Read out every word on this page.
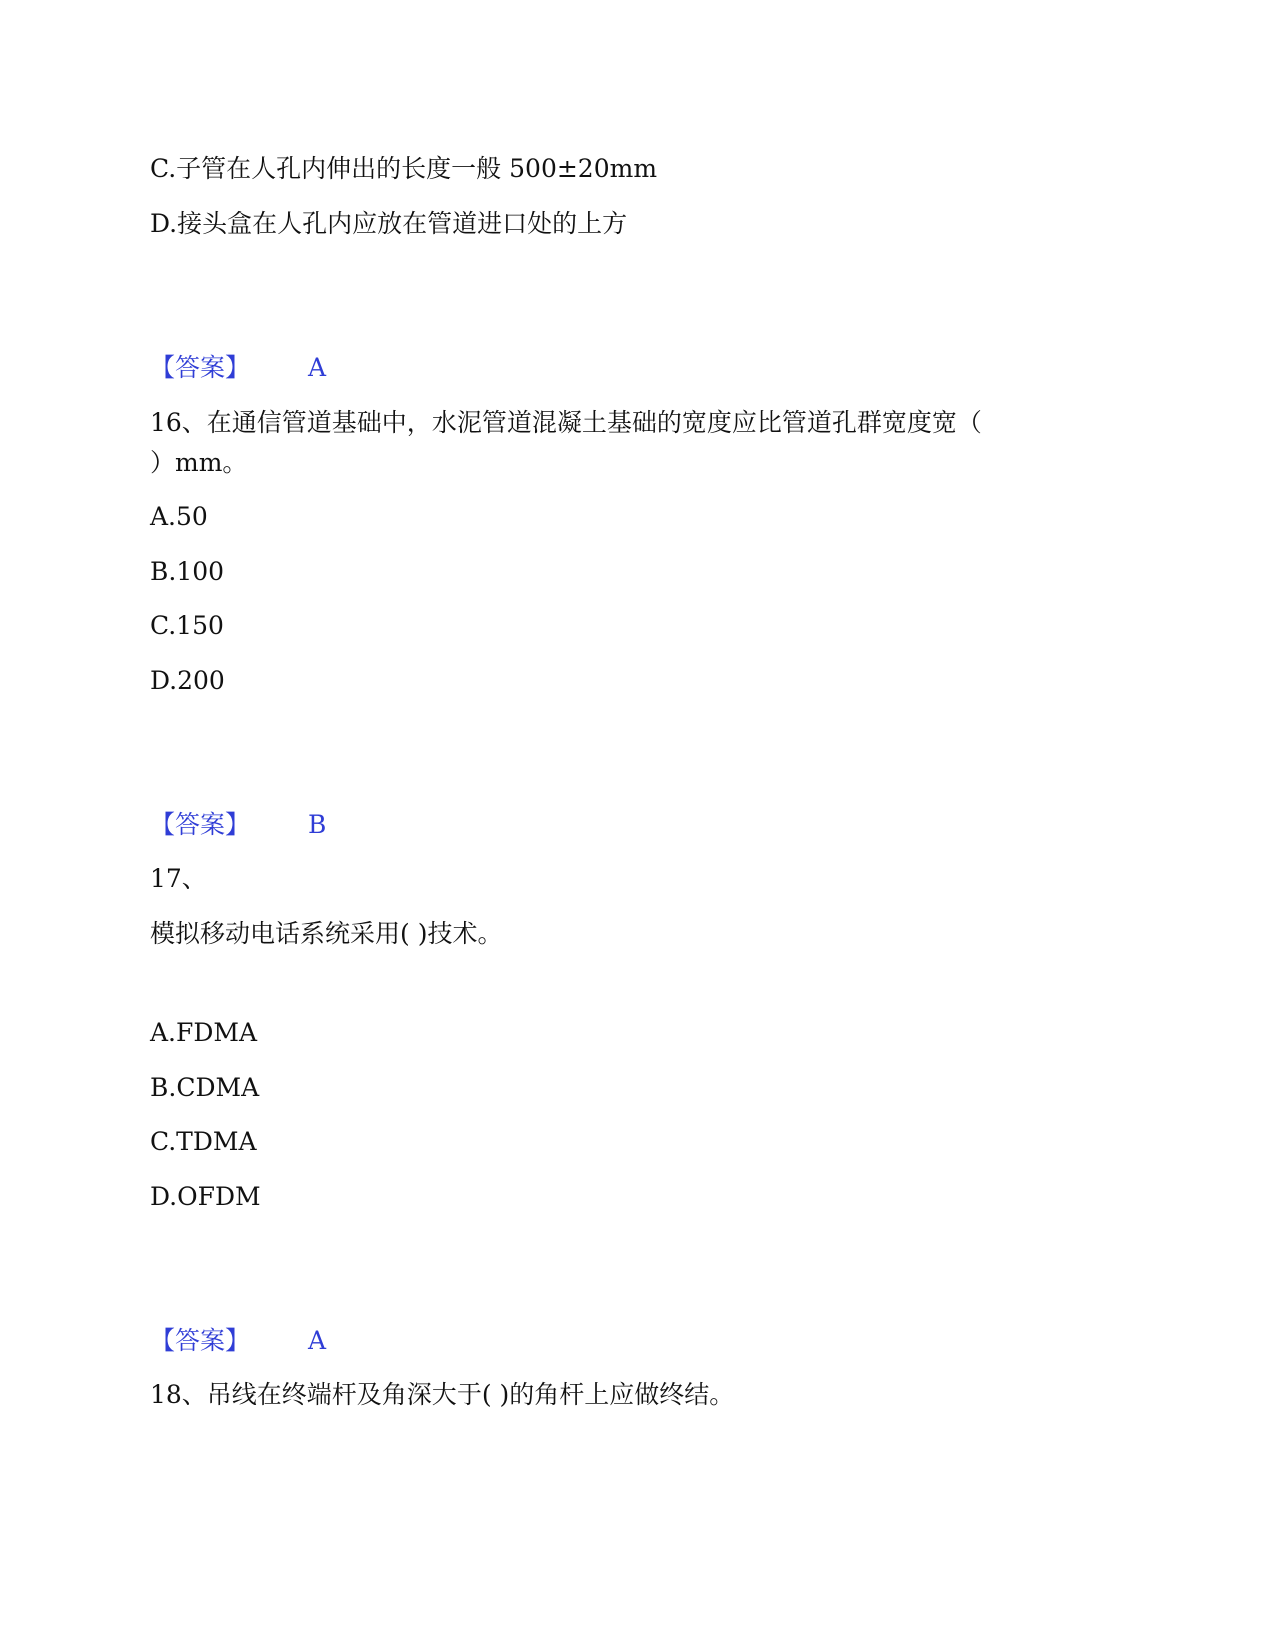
C.子管在人孔内伸出的长度一般 500±20mm
D.接头盒在人孔内应放在管道进口处的上方
【答案】 A
16、在通信管道基础中，水泥管道混凝土基础的宽度应比管道孔群宽度宽（
）mm。
A.50
B.100
C.150
D.200
【答案】 B
17、
模拟移动电话系统采用( )技术。
A.FDMA
B.CDMA
C.TDMA
D.OFDM
【答案】 A
18、吊线在终端杆及角深大于( )的角杆上应做终结。
